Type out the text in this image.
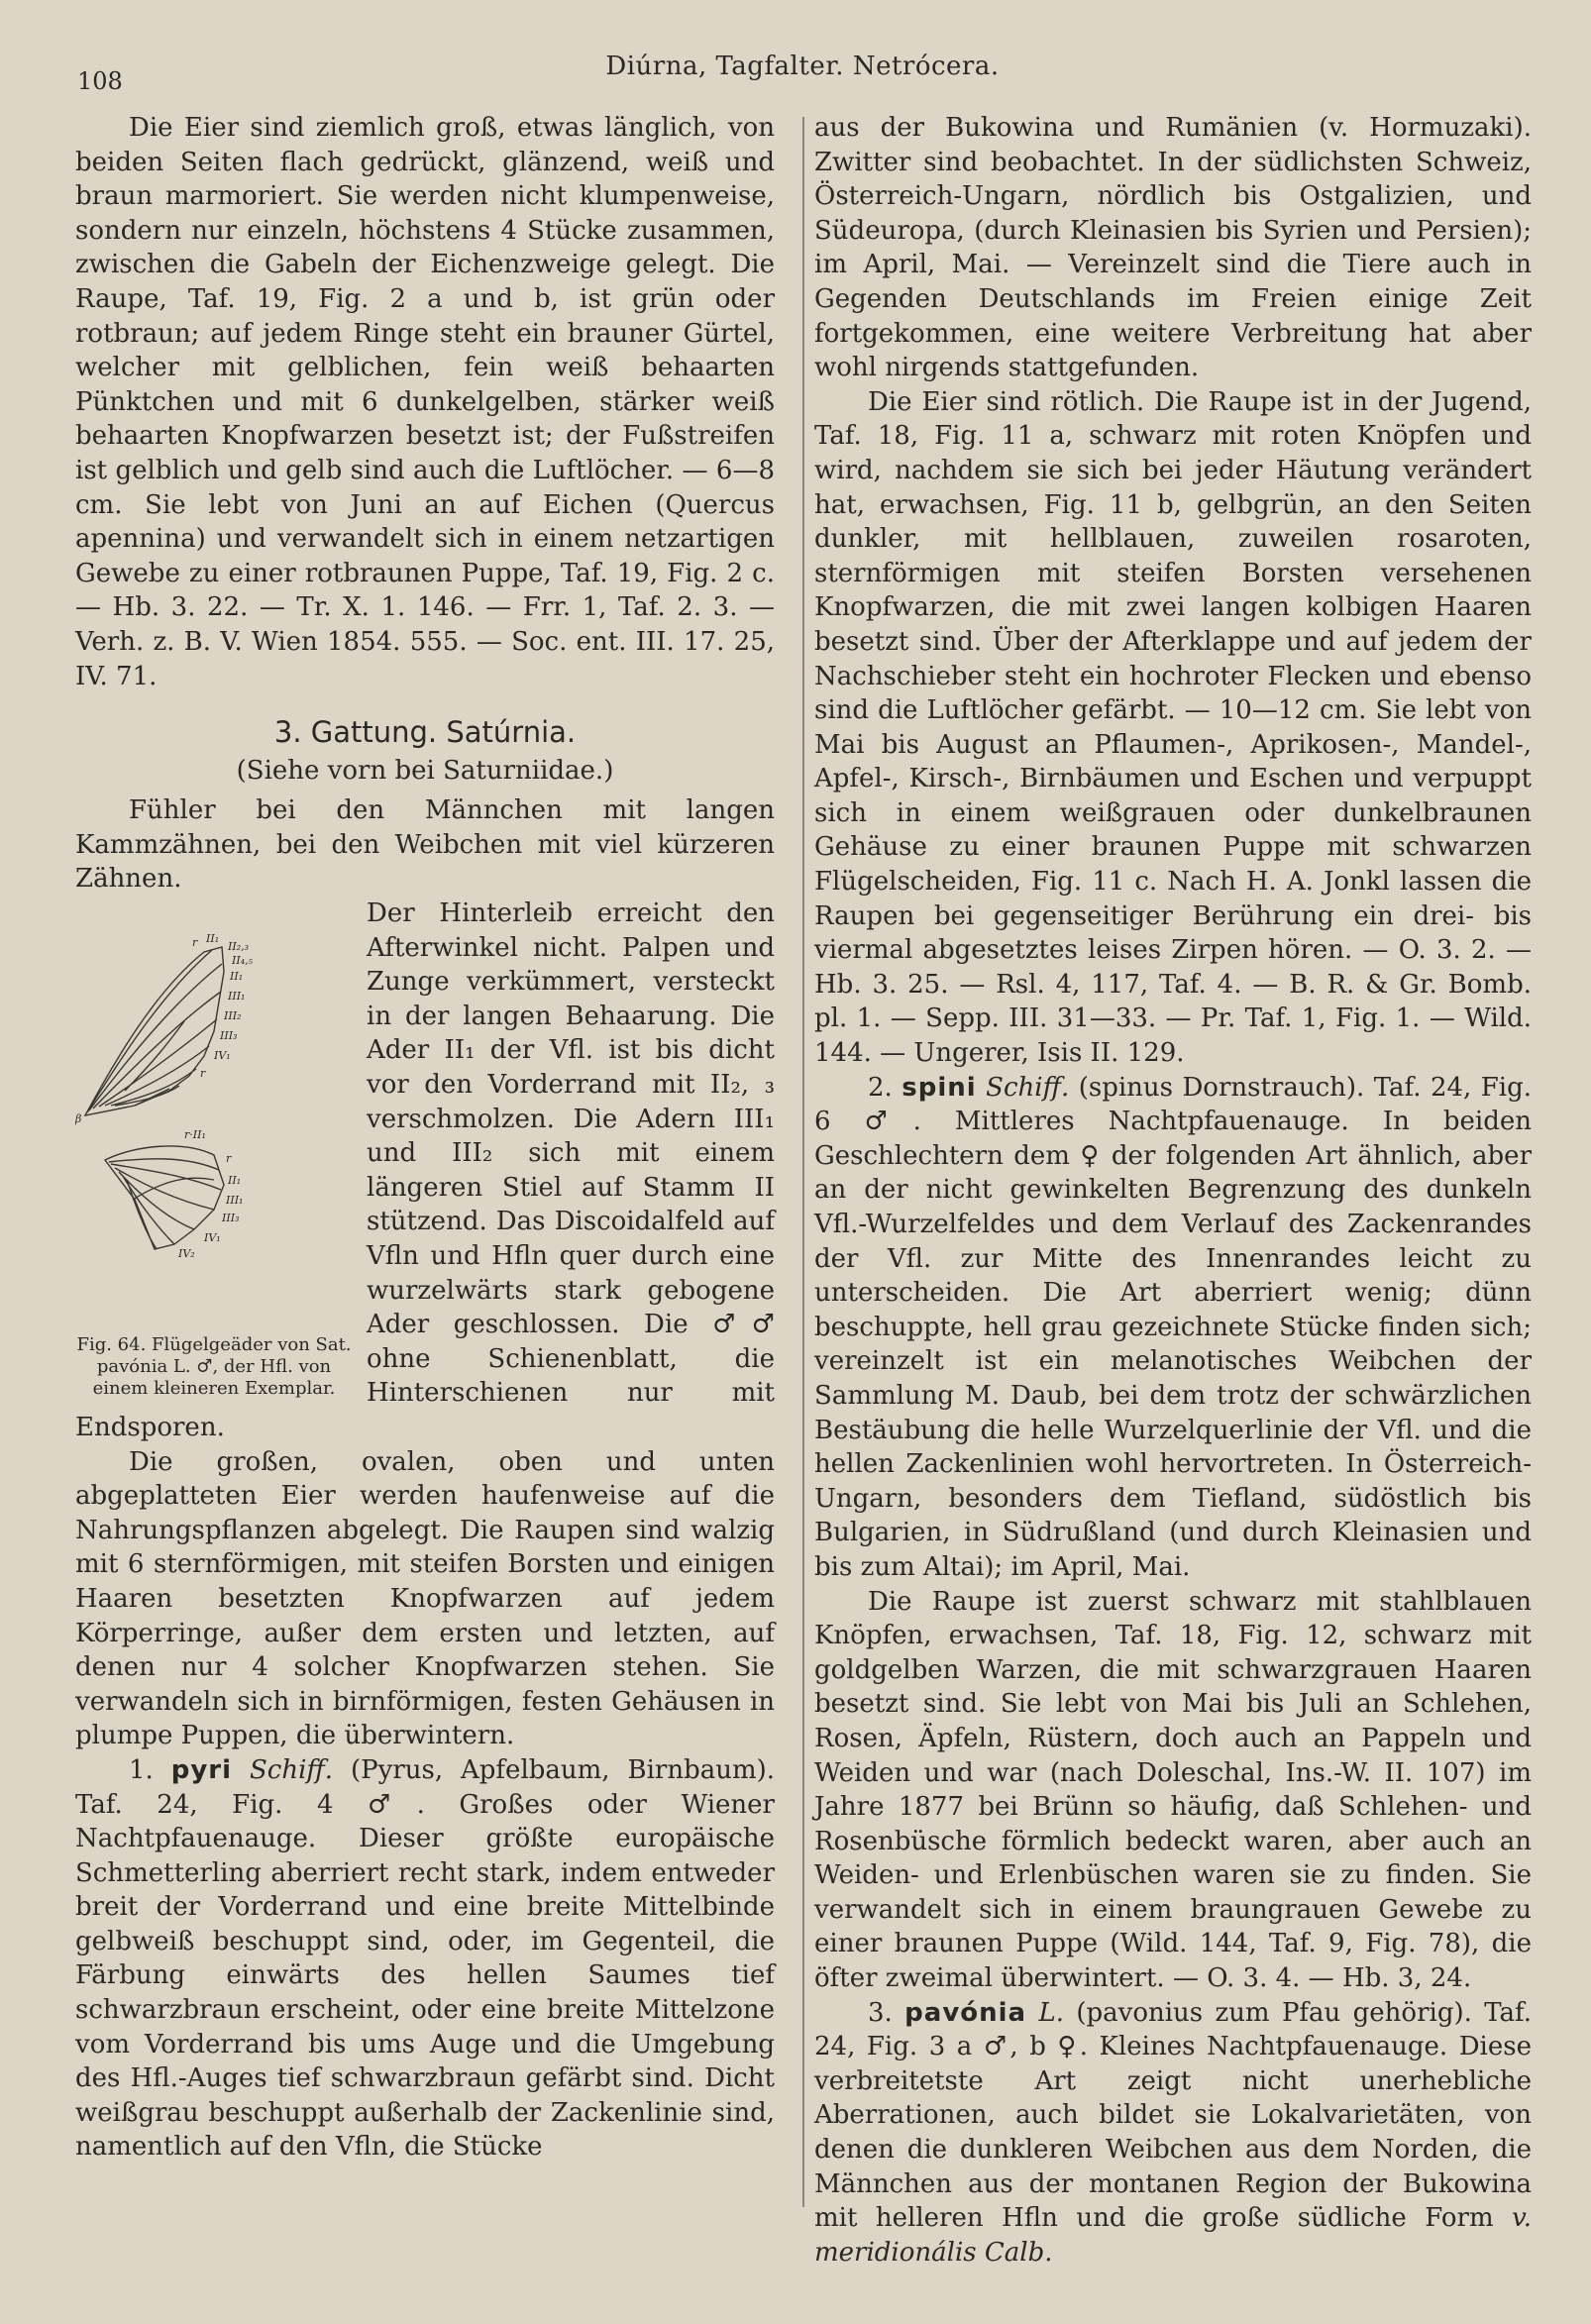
108	Diúrna, Tagfalter. Netrócera.

Die Eier sind ziemlich groß, etwas länglich, von beiden Seiten flach gedrückt, glänzend, weiß und braun marmoriert. Sie werden nicht klumpenweise, sondern nur einzeln, höchstens 4 Stücke zusammen, zwischen die Gabeln der Eichenzweige gelegt. Die Raupe, Taf. 19, Fig. 2 a und b, ist grün oder rotbraun; auf jedem Ringe steht ein brauner Gürtel, welcher mit gelblichen, fein weiß behaarten Pünktchen und mit 6 dunkelgelben, stärker weiß behaarten Knopfwarzen besetzt ist; der Fußstreifen ist gelblich und gelb sind auch die Luftlöcher. — 6—8 cm. Sie lebt von Juni an auf Eichen (Quercus apennina) und verwandelt sich in einem netzartigen Gewebe zu einer rotbraunen Puppe, Taf. 19, Fig. 2 c. — Hb. 3. 22. — Tr. X. 1. 146. — Frr. 1, Taf. 2. 3. — Verh. z. B. V. Wien 1854. 555. — Soc. ent. III. 17. 25, IV. 71.

3. Gattung. Satúrnia.
(Siehe vorn bei Saturniidae.)

Fühler bei den Männchen mit langen Kammzähnen, bei den Weibchen mit viel kürzeren Zähnen.

r II₁
II₂,₃
II₄,₅
II₁
III₁
III₂
III₃
IV₁
r
β
r·II₁
r
II₁
III₁
III₃
IV₁
IV₂
Fig. 64. Flügelgeäder von Sat. pavónia L. ♂, der Hfl. von einem kleineren Exemplar.

Der Hinterleib erreicht den Afterwinkel nicht. Palpen und Zunge verkümmert, versteckt in der langen Behaarung. Die Ader II₁ der Vfl. ist bis dicht vor den Vorderrand mit II₂, ₃ verschmolzen. Die Adern III₁ und III₂ sich mit einem längeren Stiel auf Stamm II stützend. Das Discoidalfeld auf Vfln und Hfln quer durch eine wurzelwärts stark gebogene Ader geschlossen. Die ♂♂ ohne Schienenblatt, die Hinterschienen nur mit Endsporen.

Die großen, ovalen, oben und unten abgeplatteten Eier werden haufenweise auf die Nahrungspflanzen abgelegt. Die Raupen sind walzig mit 6 sternförmigen, mit steifen Borsten und einigen Haaren besetzten Knopfwarzen auf jedem Körperringe, außer dem ersten und letzten, auf denen nur 4 solcher Knopfwarzen stehen. Sie verwandeln sich in birnförmigen, festen Gehäusen in plumpe Puppen, die überwintern.

1. pyri Schiff. (Pyrus, Apfelbaum, Birnbaum). Taf. 24, Fig. 4 ♂. Großes oder Wiener Nachtpfauenauge. Dieser größte europäische Schmetterling aberriert recht stark, indem entweder breit der Vorderrand und eine breite Mittelbinde gelbweiß beschuppt sind, oder, im Gegenteil, die Färbung einwärts des hellen Saumes tief schwarzbraun erscheint, oder eine breite Mittelzone vom Vorderrand bis ums Auge und die Umgebung des Hfl.-Auges tief schwarzbraun gefärbt sind. Dicht weißgrau beschuppt außerhalb der Zackenlinie sind, namentlich auf den Vfln, die Stücke

aus der Bukowina und Rumänien (v. Hormuzaki). Zwitter sind beobachtet. In der südlichsten Schweiz, Österreich-Ungarn, nördlich bis Ostgalizien, und Südeuropa, (durch Kleinasien bis Syrien und Persien); im April, Mai. — Vereinzelt sind die Tiere auch in Gegenden Deutschlands im Freien einige Zeit fortgekommen, eine weitere Verbreitung hat aber wohl nirgends stattgefunden.

Die Eier sind rötlich. Die Raupe ist in der Jugend, Taf. 18, Fig. 11 a, schwarz mit roten Knöpfen und wird, nachdem sie sich bei jeder Häutung verändert hat, erwachsen, Fig. 11 b, gelbgrün, an den Seiten dunkler, mit hellblauen, zuweilen rosaroten, sternförmigen mit steifen Borsten versehenen Knopfwarzen, die mit zwei langen kolbigen Haaren besetzt sind. Über der Afterklappe und auf jedem der Nachschieber steht ein hochroter Flecken und ebenso sind die Luftlöcher gefärbt. — 10—12 cm. Sie lebt von Mai bis August an Pflaumen-, Aprikosen-, Mandel-, Apfel-, Kirsch-, Birnbäumen und Eschen und verpuppt sich in einem weißgrauen oder dunkelbraunen Gehäuse zu einer braunen Puppe mit schwarzen Flügelscheiden, Fig. 11 c. Nach H. A. Jonkl lassen die Raupen bei gegenseitiger Berührung ein drei- bis viermal abgesetztes leises Zirpen hören. — O. 3. 2. — Hb. 3. 25. — Rsl. 4, 117, Taf. 4. — B. R. & Gr. Bomb. pl. 1. — Sepp. III. 31—33. — Pr. Taf. 1, Fig. 1. — Wild. 144. — Ungerer, Isis II. 129.

2. spini Schiff. (spinus Dornstrauch). Taf. 24, Fig. 6 ♂. Mittleres Nachtpfauenauge. In beiden Geschlechtern dem ♀ der folgenden Art ähnlich, aber an der nicht gewinkelten Begrenzung des dunkeln Vfl.-Wurzelfeldes und dem Verlauf des Zackenrandes der Vfl. zur Mitte des Innenrandes leicht zu unterscheiden. Die Art aberriert wenig; dünn beschuppte, hell grau gezeichnete Stücke finden sich; vereinzelt ist ein melanotisches Weibchen der Sammlung M. Daub, bei dem trotz der schwärzlichen Bestäubung die helle Wurzelquerlinie der Vfl. und die hellen Zackenlinien wohl hervortreten. In Österreich-Ungarn, besonders dem Tiefland, südöstlich bis Bulgarien, in Südrußland (und durch Kleinasien und bis zum Altai); im April, Mai.

Die Raupe ist zuerst schwarz mit stahlblauen Knöpfen, erwachsen, Taf. 18, Fig. 12, schwarz mit goldgelben Warzen, die mit schwarzgrauen Haaren besetzt sind. Sie lebt von Mai bis Juli an Schlehen, Rosen, Äpfeln, Rüstern, doch auch an Pappeln und Weiden und war (nach Doleschal, Ins.-W. II. 107) im Jahre 1877 bei Brünn so häufig, daß Schlehen- und Rosenbüsche förmlich bedeckt waren, aber auch an Weiden- und Erlenbüschen waren sie zu finden. Sie verwandelt sich in einem braungrauen Gewebe zu einer braunen Puppe (Wild. 144, Taf. 9, Fig. 78), die öfter zweimal überwintert. — O. 3. 4. — Hb. 3, 24.

3. pavónia L. (pavonius zum Pfau gehörig). Taf. 24, Fig. 3 a ♂, b ♀. Kleines Nachtpfauenauge. Diese verbreitetste Art zeigt nicht unerhebliche Aberrationen, auch bildet sie Lokalvarietäten, von denen die dunkleren Weibchen aus dem Norden, die Männchen aus der montanen Region der Bukowina mit helleren Hfln und die große südliche Form v. meridionális Calb.
